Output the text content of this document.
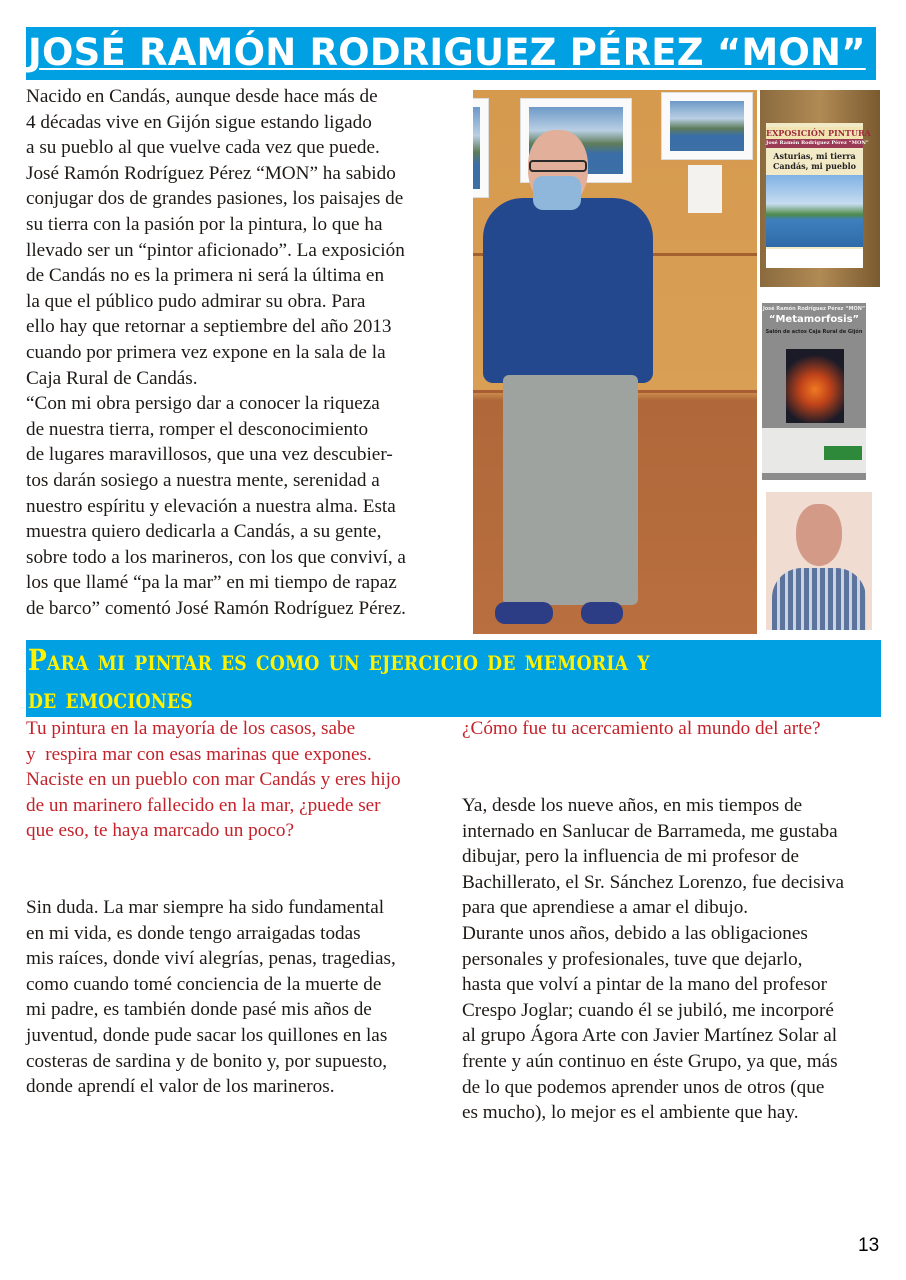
JOSÉ RAMÓN RODRIGUEZ PÉREZ “MON”
Nacido en Candás, aunque desde hace más de
4 décadas vive en Gijón sigue estando ligado
a su pueblo al que vuelve cada vez que puede.
José Ramón Rodríguez Pérez “MON” ha sabido
conjugar dos de grandes pasiones, los paisajes de
su tierra con la pasión por la pintura, lo que ha
llevado ser un “pintor aficionado”. La exposición
de Candás no es la primera ni será la última en
la que el público pudo admirar su obra. Para
ello hay que retornar a septiembre del año 2013
cuando por primera vez expone en la sala de la
Caja Rural de Candás.
“Con mi obra persigo dar a conocer la riqueza
de nuestra tierra, romper el desconocimiento
de lugares maravillosos, que una vez descubier-
tos darán sosiego a nuestra mente, serenidad a
nuestro espíritu y elevación a nuestra alma. Esta
muestra quiero dedicarla a Candás, a su gente,
sobre todo a los marineros, con los que conviví, a
los que llamé “pa la mar” en mi tiempo de rapaz
de barco” comentó José Ramón Rodríguez Pérez.
EXPOSICIÓN PINTURA
José Ramón Rodríguez Pérez “MON”
Asturias, mi tierra
Candás, mi pueblo
José Ramón Rodríguez Pérez “MON”
“Metamorfosis”
Salón de actos Caja Rural de Gijón
Para mi pintar es como un ejercicio de memoria y
de emociones
Tu pintura en la mayoría de los casos, sabe
y  respira mar con esas marinas que expones.
Naciste en un pueblo con mar Candás y eres hijo
de un marinero fallecido en la mar, ¿puede ser
que eso, te haya marcado un poco?
Sin duda. La mar siempre ha sido fundamental
en mi vida, es donde tengo arraigadas todas
mis raíces, donde viví alegrías, penas, tragedias,
como cuando tomé conciencia de la muerte de
mi padre, es también donde pasé mis años de
juventud, donde pude sacar los quillones en las
costeras de sardina y de bonito y, por supuesto,
donde aprendí el valor de los marineros.
¿Cómo fue tu acercamiento al mundo del arte?
Ya, desde los nueve años, en mis tiempos de
internado en Sanlucar de Barrameda, me gustaba
dibujar, pero la influencia de mi profesor de
Bachillerato, el Sr. Sánchez Lorenzo, fue decisiva
para que aprendiese a amar el dibujo.
Durante unos años, debido a las obligaciones
personales y profesionales, tuve que dejarlo,
hasta que volví a pintar de la mano del profesor
Crespo Joglar; cuando él se jubiló, me incorporé
al grupo Ágora Arte con Javier Martínez Solar al
frente y aún continuo en éste Grupo, ya que, más
de lo que podemos aprender unos de otros (que
es mucho), lo mejor es el ambiente que hay.
13
